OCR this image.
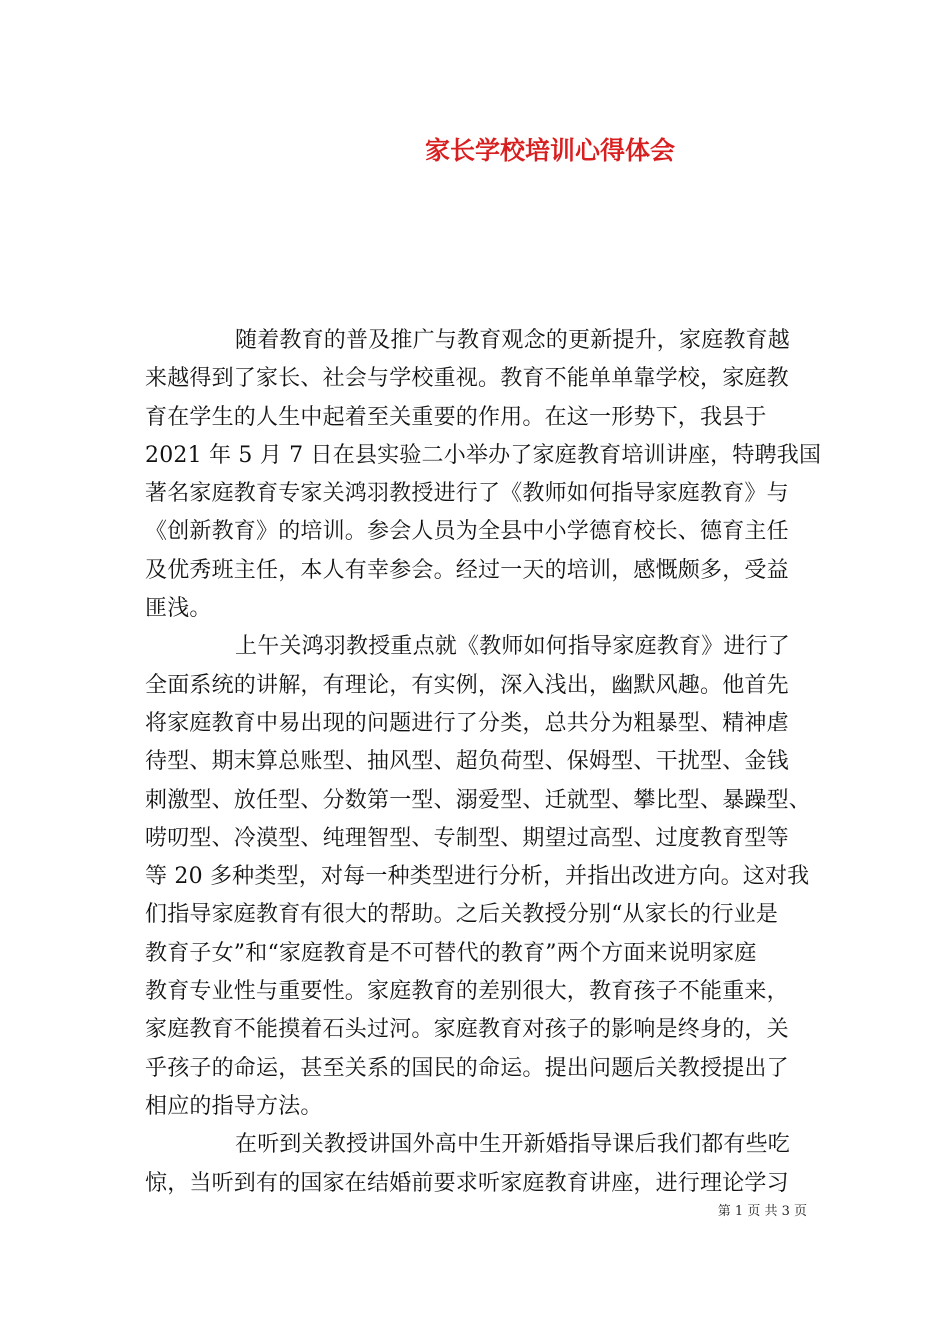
家长学校培训心得体会
随着教育的普及推广与教育观念的更新提升，家庭教育越
来越得到了家长、社会与学校重视。教育不能单单靠学校，家庭教
育在学生的人生中起着至关重要的作用。在这一形势下，我县于
2021 年 5 月 7 日在县实验二小举办了家庭教育培训讲座，特聘我国
著名家庭教育专家关鸿羽教授进行了《教师如何指导家庭教育》与
《创新教育》的培训。参会人员为全县中小学德育校长、德育主任
及优秀班主任，本人有幸参会。经过一天的培训，感慨颇多，受益
匪浅。
上午关鸿羽教授重点就《教师如何指导家庭教育》进行了
全面系统的讲解，有理论，有实例，深入浅出，幽默风趣。他首先
将家庭教育中易出现的问题进行了分类，总共分为粗暴型、精神虐
待型、期末算总账型、抽风型、超负荷型、保姆型、干扰型、金钱
刺激型、放任型、分数第一型、溺爱型、迁就型、攀比型、暴躁型、
唠叨型、冷漠型、纯理智型、专制型、期望过高型、过度教育型等
等 20 多种类型，对每一种类型进行分析，并指出改进方向。这对我
们指导家庭教育有很大的帮助。之后关教授分别“从家长的行业是
教育子女”和“家庭教育是不可替代的教育”两个方面来说明家庭
教育专业性与重要性。家庭教育的差别很大，教育孩子不能重来，
家庭教育不能摸着石头过河。家庭教育对孩子的影响是终身的，关
乎孩子的命运，甚至关系的国民的命运。提出问题后关教授提出了
相应的指导方法。
在听到关教授讲国外高中生开新婚指导课后我们都有些吃
惊，当听到有的国家在结婚前要求听家庭教育讲座，进行理论学习
第 1 页 共 3 页
